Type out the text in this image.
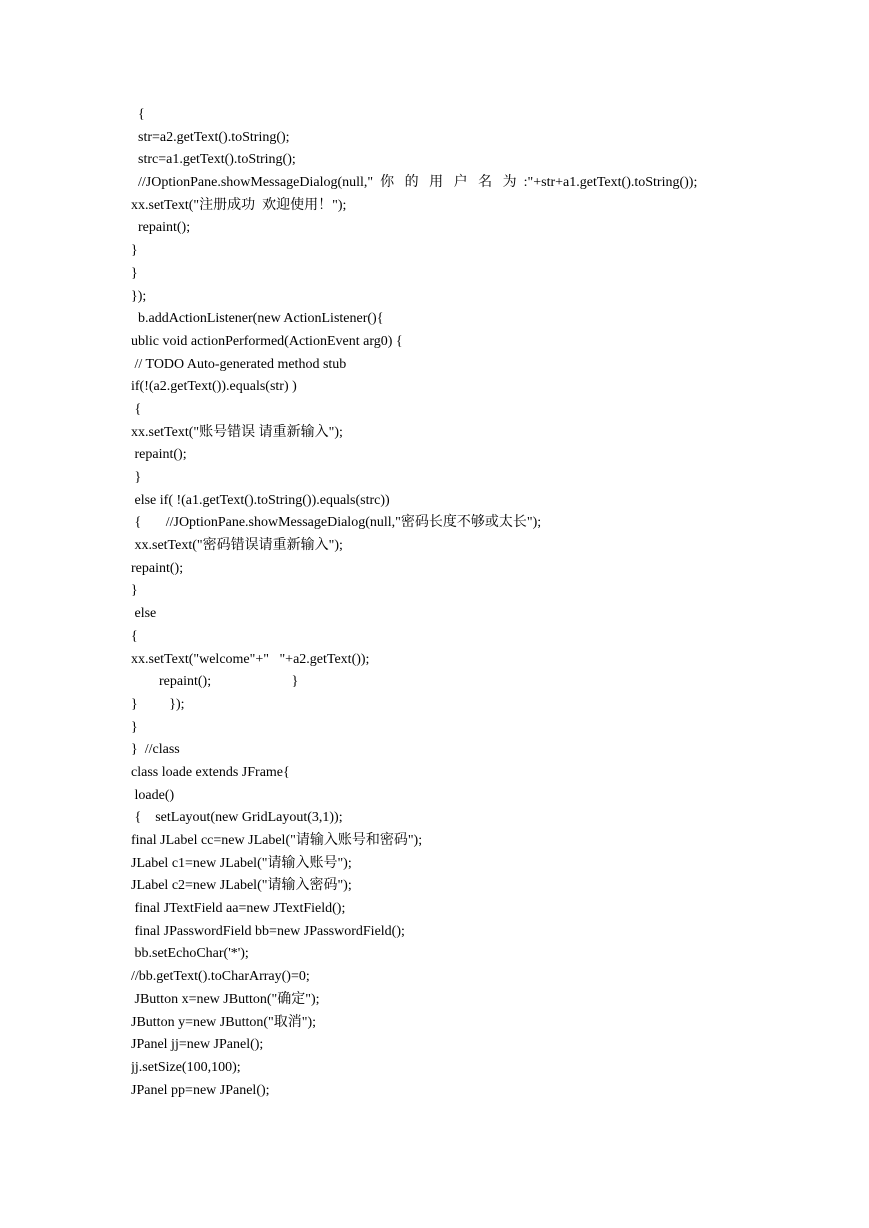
{
str=a2.getText().toString();
strc=a1.getText().toString();
//JOptionPane.showMessageDialog(null,"  你   的   用   户   名   为  :"+str+a1.getText().toString());
xx.setText("注册成功  欢迎使用！");
repaint();
}
}
});
b.addActionListener(new ActionListener(){
ublic void actionPerformed(ActionEvent arg0) {
// TODO Auto-generated method stub
if(!(a2.getText()).equals(str) )
{
xx.setText("账号错误 请重新输入");
repaint();
}
else if( !(a1.getText().toString()).equals(strc))
{       //JOptionPane.showMessageDialog(null,"密码长度不够或太长");
xx.setText("密码错误请重新输入");
repaint();
}
else
{
xx.setText("welcome"+"   "+a2.getText());
repaint();                       }
}         });
}
}  //class
class loade extends JFrame{
loade()
{    setLayout(new GridLayout(3,1));
final JLabel cc=new JLabel("请输入账号和密码");
JLabel c1=new JLabel("请输入账号");
JLabel c2=new JLabel("请输入密码");
final JTextField aa=new JTextField();
final JPasswordField bb=new JPasswordField();
bb.setEchoChar('*');
//bb.getText().toCharArray()=0;
JButton x=new JButton("确定");
JButton y=new JButton("取消");
JPanel jj=new JPanel();
jj.setSize(100,100);
JPanel pp=new JPanel();
